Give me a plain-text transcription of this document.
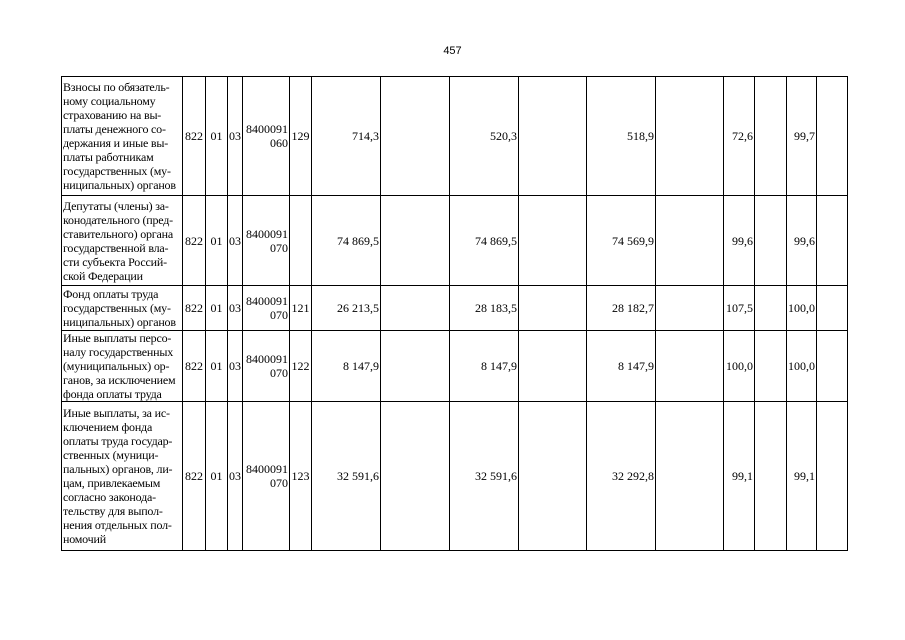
457
Взносы по обязатель-ному социальному страхованию на вы-платы денежного со-держания и иные вы-платы работникам государственных (му-ниципальных) органов	822	01	03	8400091 060	129	714,3		520,3		518,9		72,6		99,7	
Депутаты (члены) за-конодательного (пред-ставительного) органа государственной вла-сти субъекта Россий-ской Федерации	822	01	03	8400091 070		74 869,5		74 869,5		74 569,9		99,6		99,6	
Фонд оплаты труда государственных (му-ниципальных) органов	822	01	03	8400091 070	121	26 213,5		28 183,5		28 182,7		107,5		100,0	
Иные выплаты персо-налу государственных (муниципальных) ор-ганов, за исключением фонда оплаты труда	822	01	03	8400091 070	122	8 147,9		8 147,9		8 147,9		100,0		100,0	
Иные выплаты, за ис-ключением фонда оплаты труда государ-ственных (муници-пальных) органов, ли-цам, привлекаемым согласно законода-тельству для выпол-нения отдельных пол-номочий	822	01	03	8400091 070	123	32 591,6		32 591,6		32 292,8		99,1		99,1	
